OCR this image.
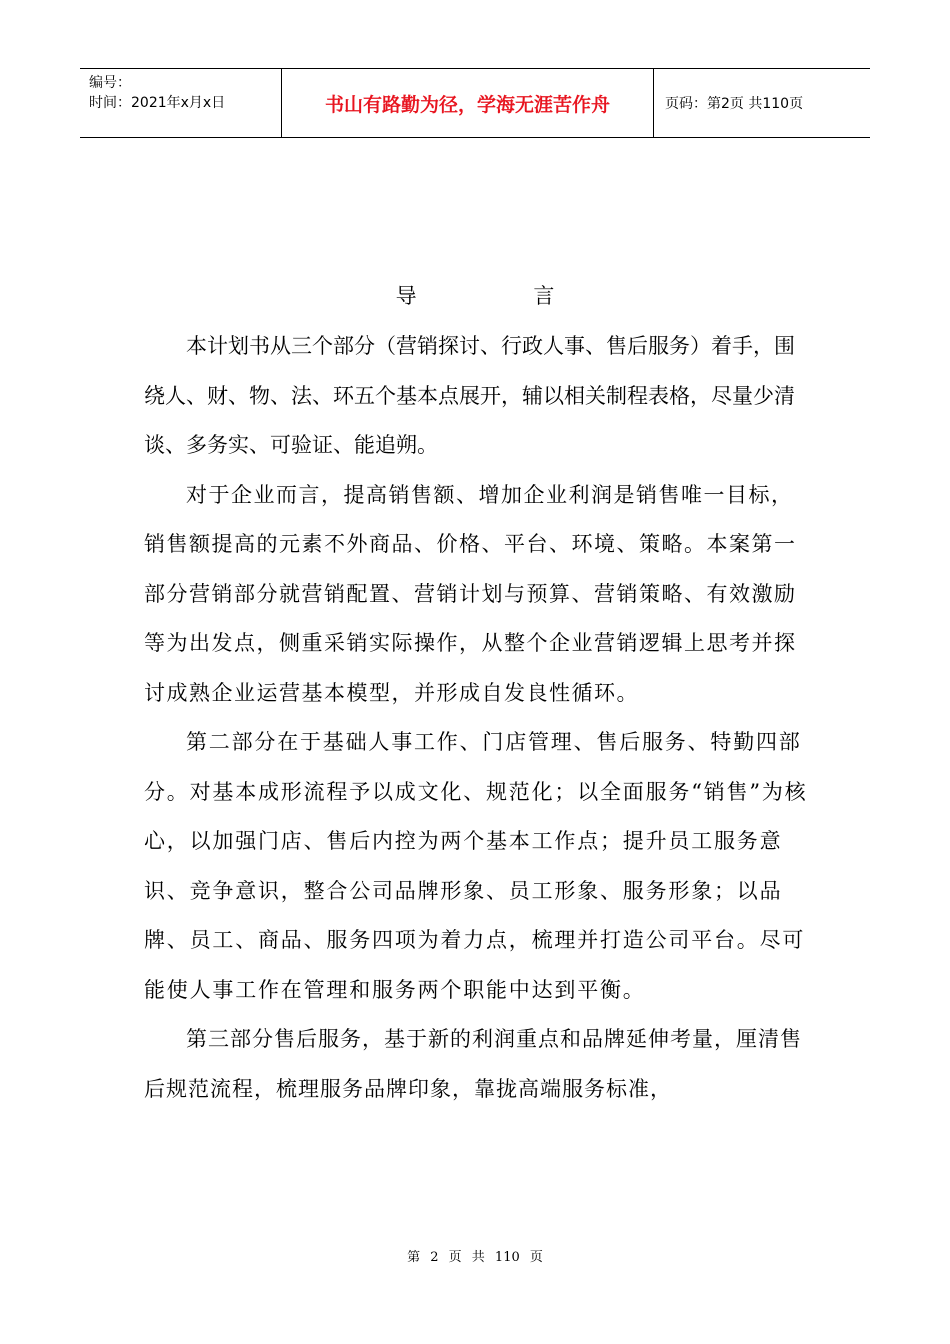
编号：
时间：2021年x月x日	书山有路勤为径，学海无涯苦作舟	页码：第2页 共110页
导 言

本计划书从三个部分（营销探讨、行政人事、售后服务）着手，围绕人、财、物、法、环五个基本点展开，辅以相关制程表格，尽量少清谈、多务实、可验证、能追朔。

对于企业而言，提高销售额、增加企业利润是销售唯一目标，销售额提高的元素不外商品、价格、平台、环境、策略。本案第一部分营销部分就营销配置、营销计划与预算、营销策略、有效激励等为出发点，侧重采销实际操作，从整个企业营销逻辑上思考并探讨成熟企业运营基本模型，并形成自发良性循环。

第二部分在于基础人事工作、门店管理、售后服务、特勤四部分。对基本成形流程予以成文化、规范化；以全面服务“销售”为核心，以加强门店、售后内控为两个基本工作点；提升员工服务意识、竞争意识，整合公司品牌形象、员工形象、服务形象；以品牌、员工、商品、服务四项为着力点，梳理并打造公司平台。尽可能使人事工作在管理和服务两个职能中达到平衡。

第三部分售后服务，基于新的利润重点和品牌延伸考量，厘清售后规范流程，梳理服务品牌印象，靠拢高端服务标准，

第 2 页 共 110 页
